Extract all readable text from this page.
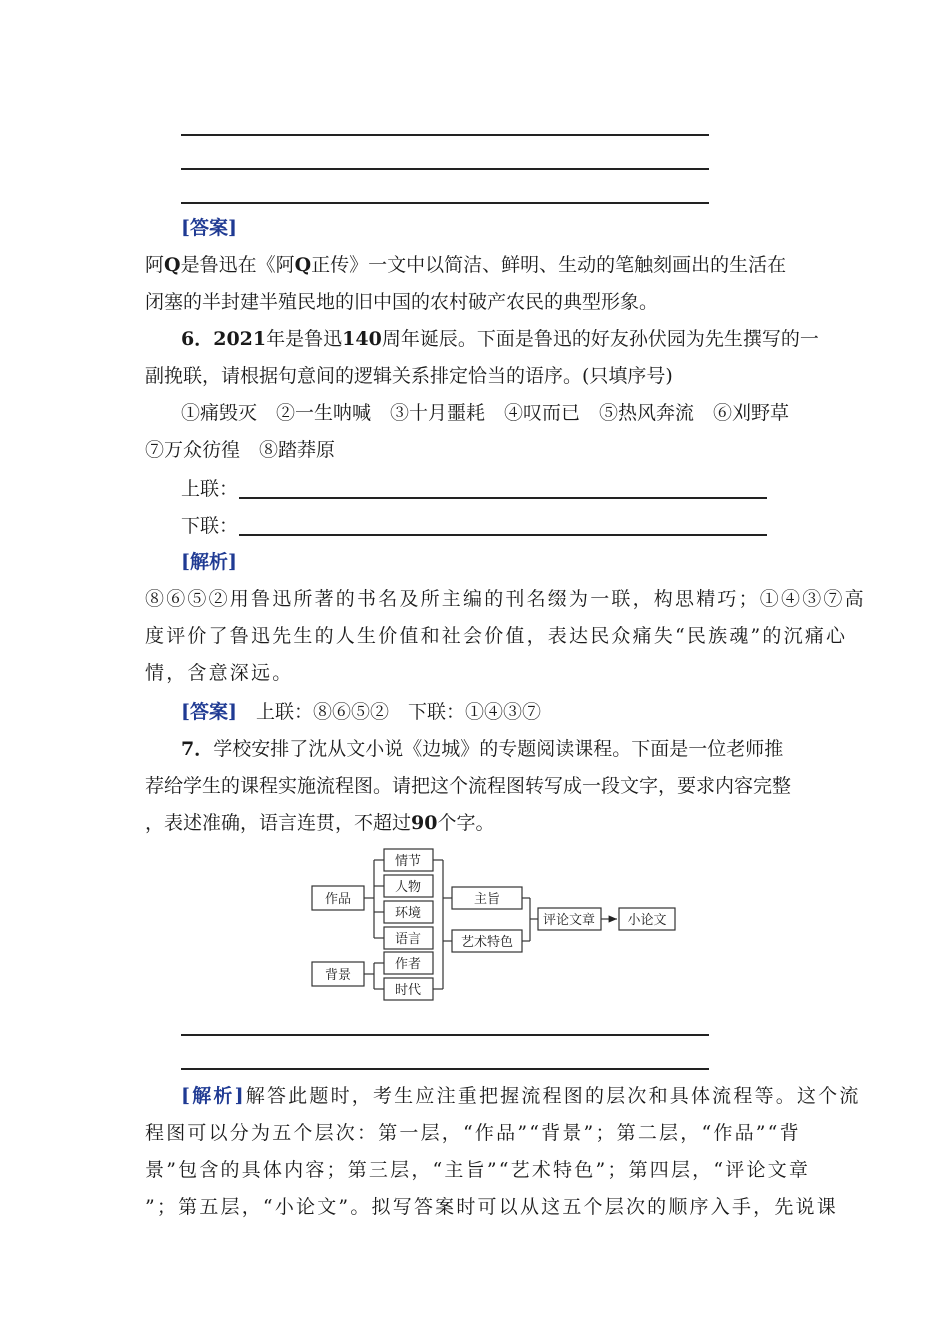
[答案]
阿Q是鲁迅在《阿Q正传》一文中以简洁、鲜明、生动的笔触刻画出的生活在
闭塞的半封建半殖民地的旧中国的农村破产农民的典型形象。
6．2021年是鲁迅140周年诞辰。下面是鲁迅的好友孙伏园为先生撰写的一
副挽联，请根据句意间的逻辑关系排定恰当的语序。(只填序号)
①痛毁灭　②一生呐喊　③十月噩耗　④叹而已　⑤热风奔流　⑥刈野草
⑦万众彷徨　⑧踏莽原
上联：
下联：
[解析]
⑧⑥⑤②用鲁迅所著的书名及所主编的刊名缀为一联，构思精巧；①④③⑦高
度评价了鲁迅先生的人生价值和社会价值，表达民众痛失“民族魂”的沉痛心
情，含意深远。
[答案]　 上联：⑧⑥⑤②　下联：①④③⑦
7．学校安排了沈从文小说《边城》的专题阅读课程。下面是一位老师推
荐给学生的课程实施流程图。请把这个流程图转写成一段文字，要求内容完整
，表述准确，语言连贯，不超过90个字。
作品
背景
情节
人物
环境
语言
作者
时代
主旨
艺术特色
评论文章 小论文
[解析]解答此题时，考生应注重把握流程图的层次和具体流程等。这个流
程图可以分为五个层次：第一层，“作品”“背景”；第二层，“作品”“背
景”包含的具体内容；第三层，“主旨”“艺术特色”；第四层，“评论文章
”；第五层，“小论文”。拟写答案时可以从这五个层次的顺序入手，先说课
